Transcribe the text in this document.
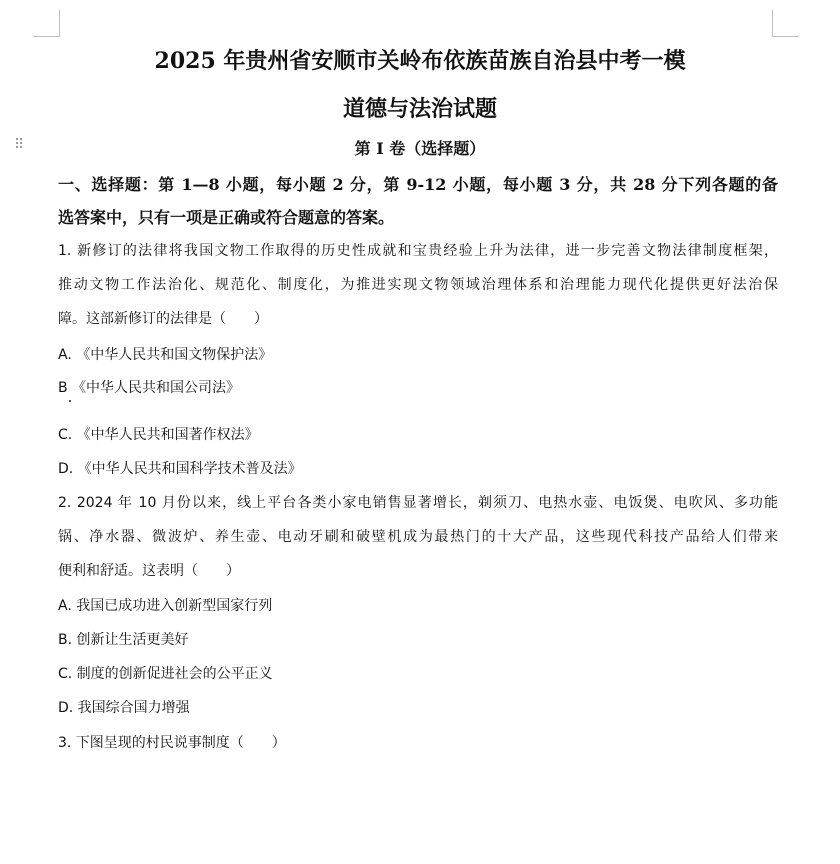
⠿
2025 年贵州省安顺市关岭布依族苗族自治县中考一模
道德与法治试题
第 I 卷（选择题）
一、选择题：第 1—8 小题，每小题 2 分，第 9-12 小题，每小题 3 分，共 28 分下列各题的备
选答案中，只有一项是正确或符合题意的答案。
1. 新修订的法律将我国文物工作取得的历史性成就和宝贵经验上升为法律，进一步完善文物法律制度框架，
推动文物工作法治化、规范化、制度化，为推进实现文物领域治理体系和治理能力现代化提供更好法治保
障。这部新修订的法律是（　　）
A. 《中华人民共和国文物保护法》
B 《中华人民共和国公司法》
C. 《中华人民共和国著作权法》
D. 《中华人民共和国科学技术普及法》
2. 2024 年 10 月份以来，线上平台各类小家电销售显著增长，剃须刀、电热水壶、电饭煲、电吹风、多功能
锅、净水器、微波炉、养生壶、电动牙刷和破壁机成为最热门的十大产品，这些现代科技产品给人们带来
便利和舒适。这表明（　　）
A. 我国已成功进入创新型国家行列
B. 创新让生活更美好
C. 制度的创新促进社会的公平正义
D. 我国综合国力增强
3. 下图呈现的村民说事制度（　　）
